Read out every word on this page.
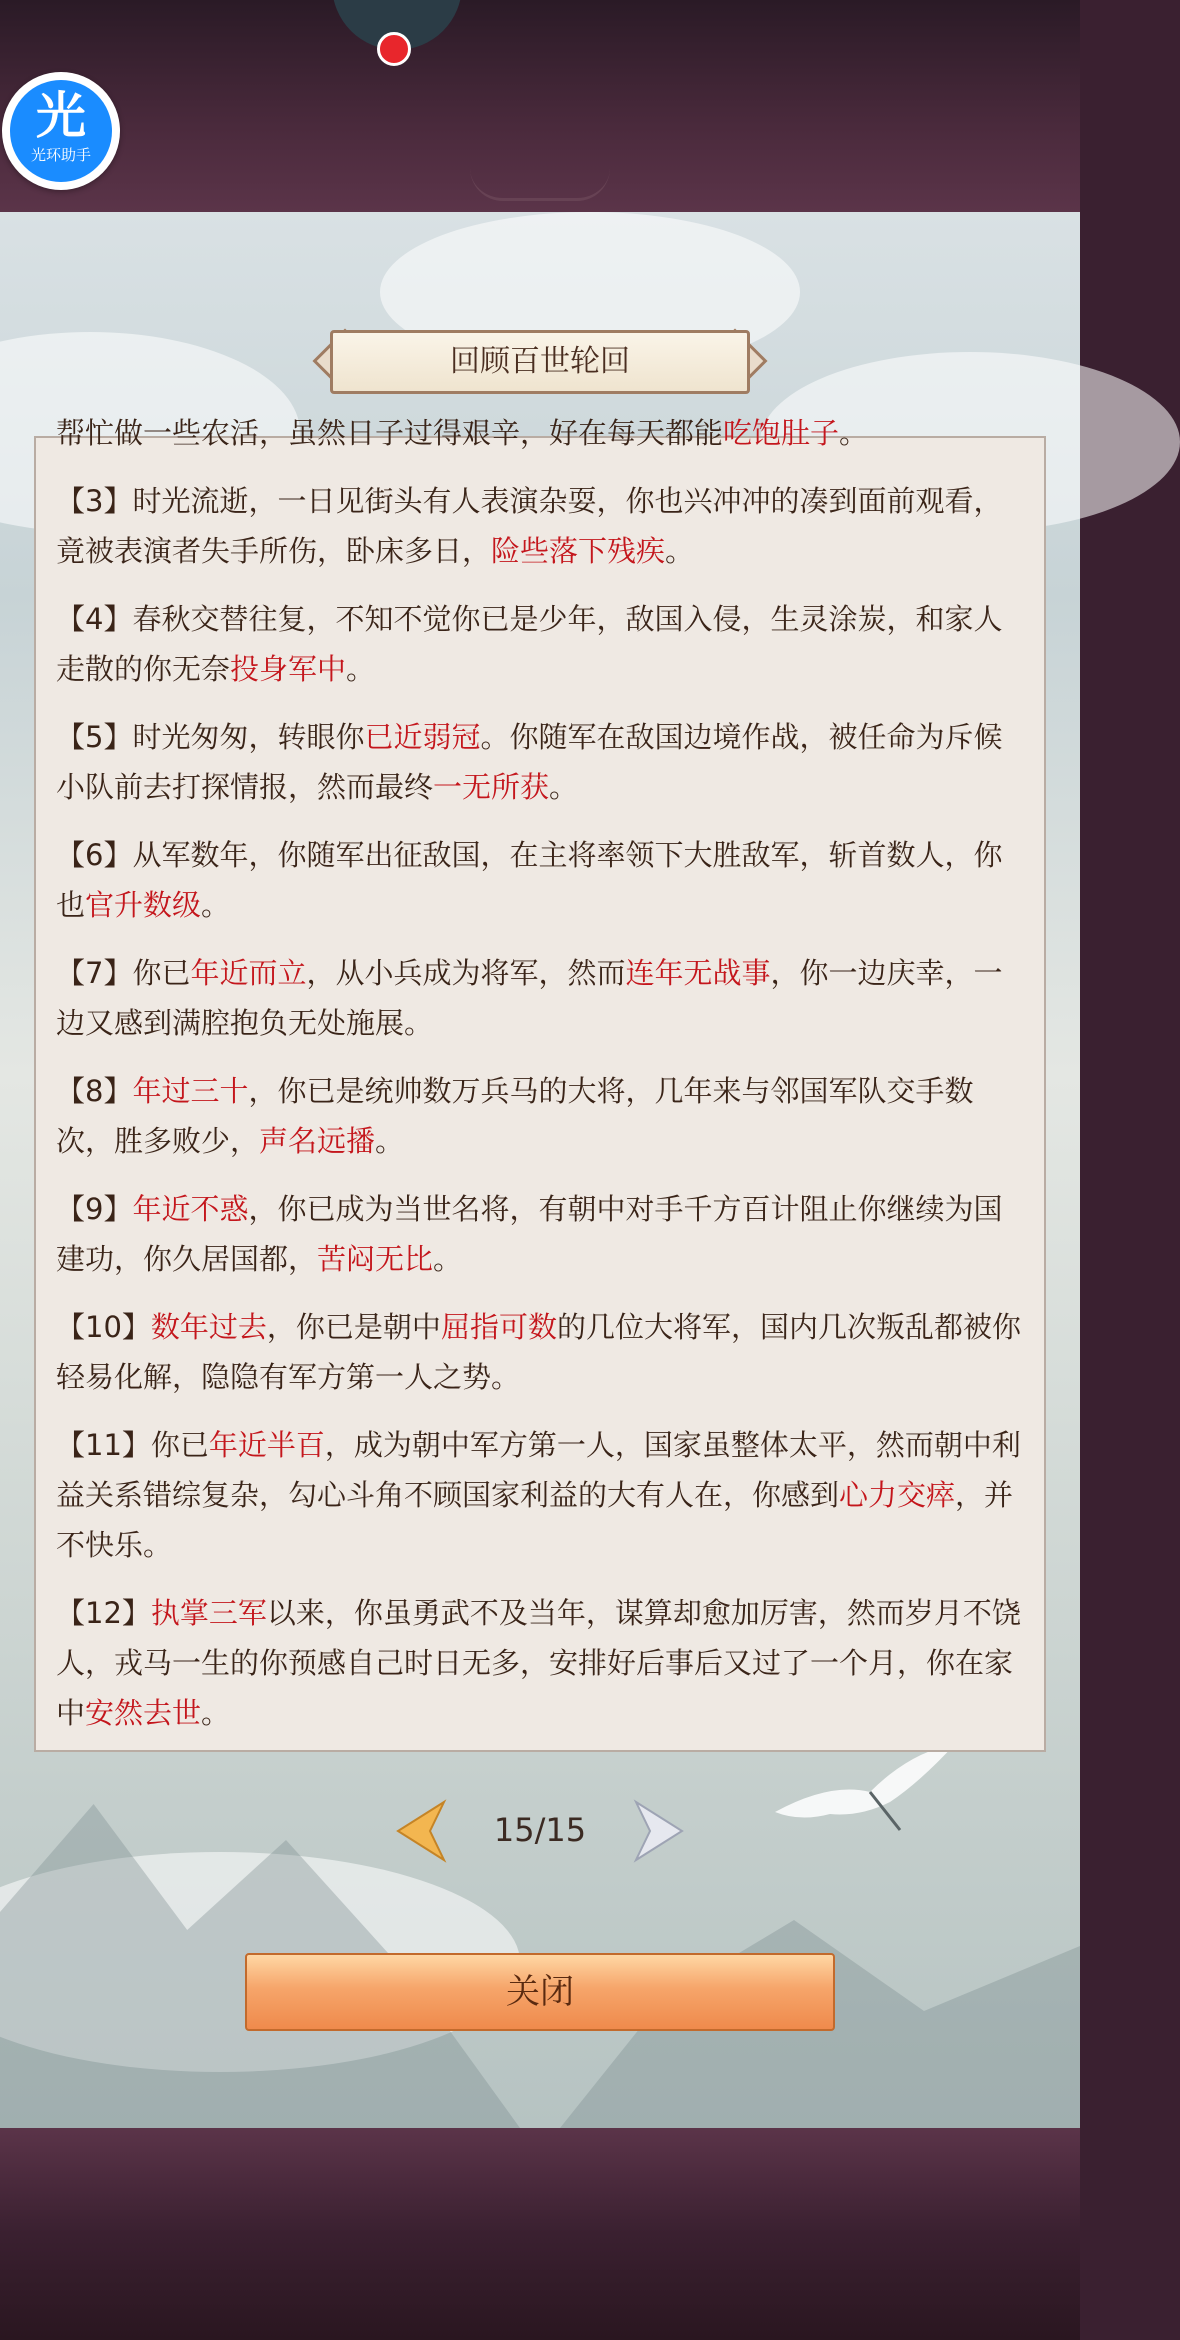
光
光环助手
回顾百世轮回
帮忙做一些农活，虽然日子过得艰辛，好在每天都能吃饱肚子。
【3】时光流逝，一日见街头有人表演杂耍，你也兴冲冲的凑到面前观看，竟被表演者失手所伤，卧床多日，险些落下残疾。
【4】春秋交替往复，不知不觉你已是少年，敌国入侵，生灵涂炭，和家人走散的你无奈投身军中。
【5】时光匆匆，转眼你已近弱冠。你随军在敌国边境作战，被任命为斥候小队前去打探情报，然而最终一无所获。
【6】从军数年，你随军出征敌国，在主将率领下大胜敌军，斩首数人，你也官升数级。
【7】你已年近而立，从小兵成为将军，然而连年无战事，你一边庆幸，一边又感到满腔抱负无处施展。
【8】年过三十，你已是统帅数万兵马的大将，几年来与邻国军队交手数次，胜多败少，声名远播。
【9】年近不惑，你已成为当世名将，有朝中对手千方百计阻止你继续为国建功，你久居国都，苦闷无比。
【10】数年过去，你已是朝中屈指可数的几位大将军，国内几次叛乱都被你轻易化解，隐隐有军方第一人之势。
【11】你已年近半百，成为朝中军方第一人，国家虽整体太平，然而朝中利益关系错综复杂，勾心斗角不顾国家利益的大有人在，你感到心力交瘁，并不快乐。
【12】执掌三军以来，你虽勇武不及当年，谋算却愈加厉害，然而岁月不饶人，戎马一生的你预感自己时日无多，安排好后事后又过了一个月，你在家中安然去世。
15/15
关闭
